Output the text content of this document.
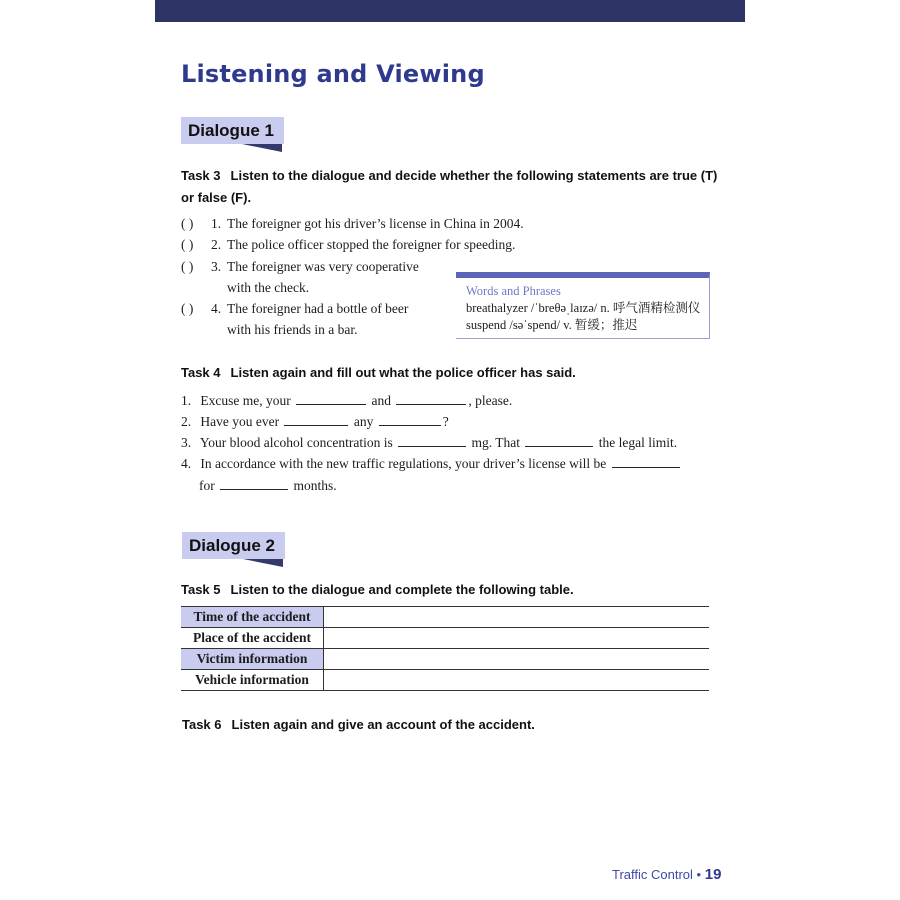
Listening and Viewing
Dialogue 1
Task 3 Listen to the dialogue and decide whether the following statements are true (T)
or false (F).
( ) 1. The foreigner got his driver’s license in China in 2004.
( ) 2. The police officer stopped the foreigner for speeding.
( ) 3. The foreigner was very cooperative
with the check.
( ) 4. The foreigner had a bottle of beer
with his friends in a bar.
Words and Phrases
breathalyzer /ˈbreθəˌlaɪzə/ n. 呼气酒精检测仪
suspend /səˈspend/ v. 暂缓；推迟
Task 4 Listen again and fill out what the police officer has said.
1. Excuse me, your	and	, please.
2. Have you ever	any	?
3. Your blood alcohol concentration is	mg. That	the legal limit.
4. In accordance with the new traffic regulations, your driver’s license will be
for	months.
Dialogue 2
Task 5 Listen to the dialogue and complete the following table.
Time of the accident	
Place of the accident	
Victim information	
Vehicle information	
Task 6 Listen again and give an account of the accident.
Traffic Control • 19
